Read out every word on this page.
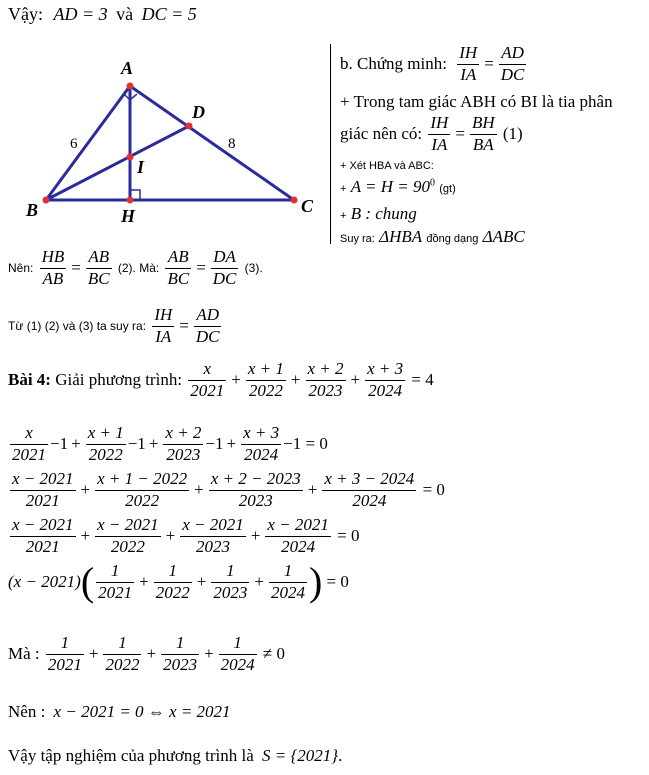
Vậy: AD = 3 và DC = 5
A
B	C
D
H
I
6	8
b. Chứng minh: $\frac{IH}{IA} = \frac{AD}{DC}$
+ Trong tam giác ABH có BI là tia phân
giác nên có: $\frac{IH}{IA} = \frac{BH}{BA} (1)$
+ Xét HBA và ABC:
+ $A = H = 90^0$ (gt)
+ B : chung
Suy ra: ΔHBA đồng dạng ΔABC
Nên: $\frac{HB}{AB} = \frac{AB}{BC} (2)$. Mà: $\frac{AB}{BC} = \frac{DA}{DC} (3)$.
Từ (1) (2) và (3) ta suy ra: $\frac{IH}{IA} = \frac{AD}{DC}$
Bài 4: Giải phương trình: $\frac{x}{2021} + \frac{x + 1}{2022} + \frac{x + 2}{2023} + \frac{x + 3}{2024} = 4$
$\frac{x}{2021} -1 + \frac{x + 1}{2022} -1 + \frac{x + 2}{2023} -1 + \frac{x + 3}{2024} -1 = 0$
$\frac{x - 2021}{2021} + \frac{x + 1 - 2022}{2022} + \frac{x + 2 - 2023}{2023} + \frac{x + 3 - 2024}{2024} = 0$
$\frac{x - 2021}{2021} + \frac{x - 2021}{2022} + \frac{x - 2021}{2023} + \frac{x - 2021}{2024} = 0$
$(x - 2021)( \frac{1}{2021} + \frac{1}{2022} + \frac{1}{2023} + \frac{1}{2024}$ ) = 0
Mà : $\frac{1}{2021} + \frac{1}{2022} + \frac{1}{2023} + \frac{1}{2024} \ne 0$
Nên : x − 2021 = 0 ⇔ x = 2021
Vậy tập nghiệm của phương trình là S = {2021}.
